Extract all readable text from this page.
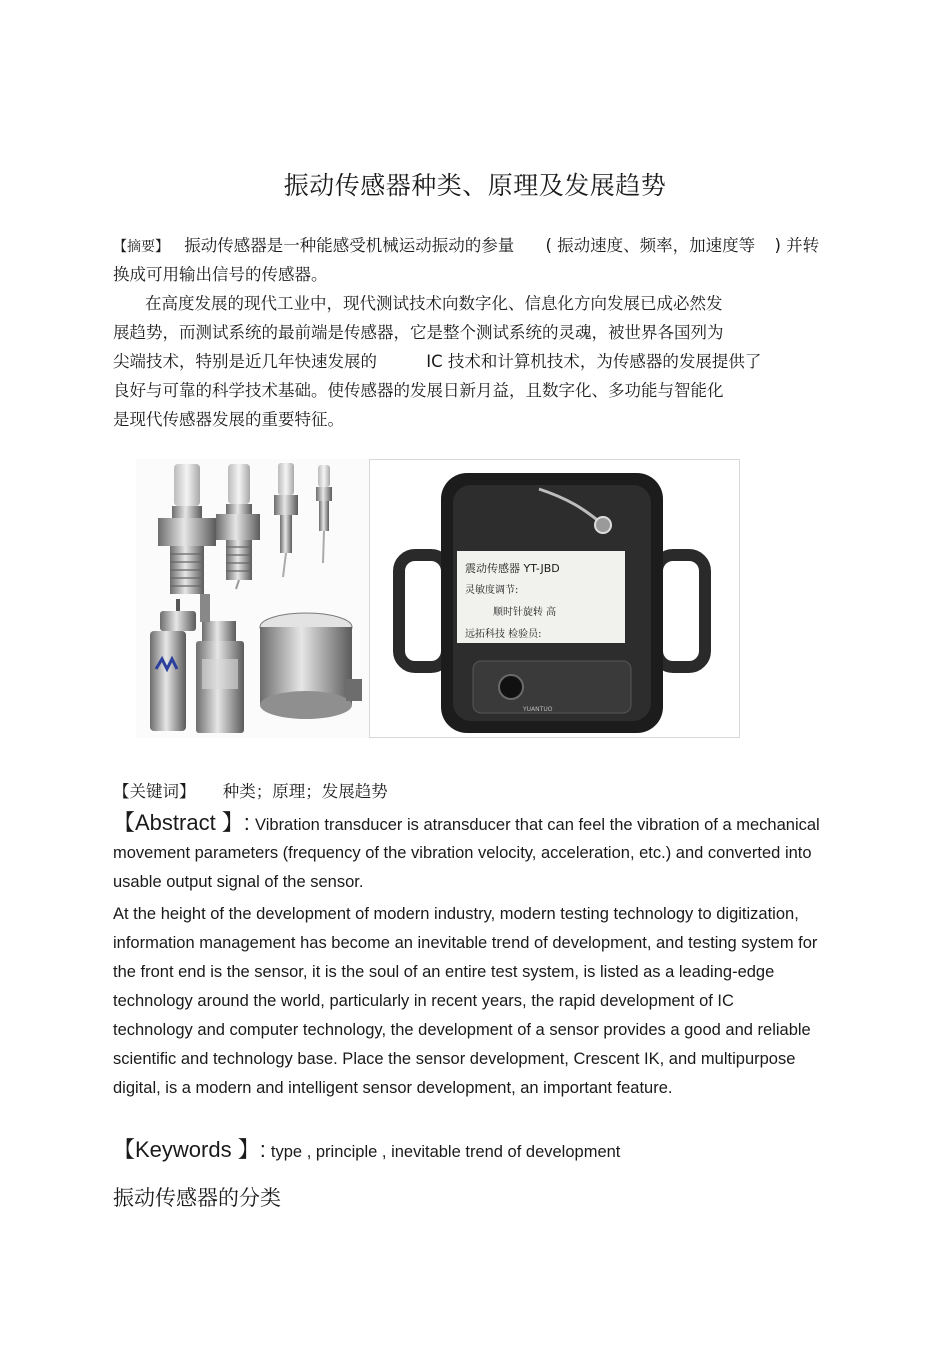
振动传感器种类、原理及发展趋势
【摘要】 振动传感器是一种能感受机械运动振动的参量 ( 振动速度、频率，加速度等 ) 并转
换成可用输出信号的传感器。
在高度发展的现代工业中，现代测试技术向数字化、信息化方向发展已成必然发
展趋势，而测试系统的最前端是传感器，它是整个测试系统的灵魂，被世界各国列为
尖端技术，特别是近几年快速发展的	IC 技术和计算机技术，为传感器的发展提供了
良好与可靠的科学技术基础。使传感器的发展日新月益，且数字化、多功能与智能化
是现代传感器发展的重要特征。
震动传感器 YT-JBD
灵敏度调节:
顺时针旋转 高
远拓科技 检验员:
YUANTUO
【关键词】 种类；原理；发展趋势
【Abstract 】: Vibration transducer is atransducer that can feel the vibration of a mechanical
movement parameters (frequency of the vibration velocity, acceleration, etc.) and converted into
usable output signal of the sensor.
At the height of the development of modern industry, modern testing technology to digitization,
information management has become an inevitable trend of development, and testing system for
the front end is the sensor, it is the soul of an entire test system, is listed as a leading-edge
technology around the world, particularly in recent years, the rapid development of IC
technology and computer technology, the development of a sensor provides a good and reliable
scientific and technology base. Place the sensor development, Crescent IK, and multipurpose
digital, is a modern and intelligent sensor development, an important feature.
【Keywords 】: type , principle , inevitable trend of development
振动传感器的分类
